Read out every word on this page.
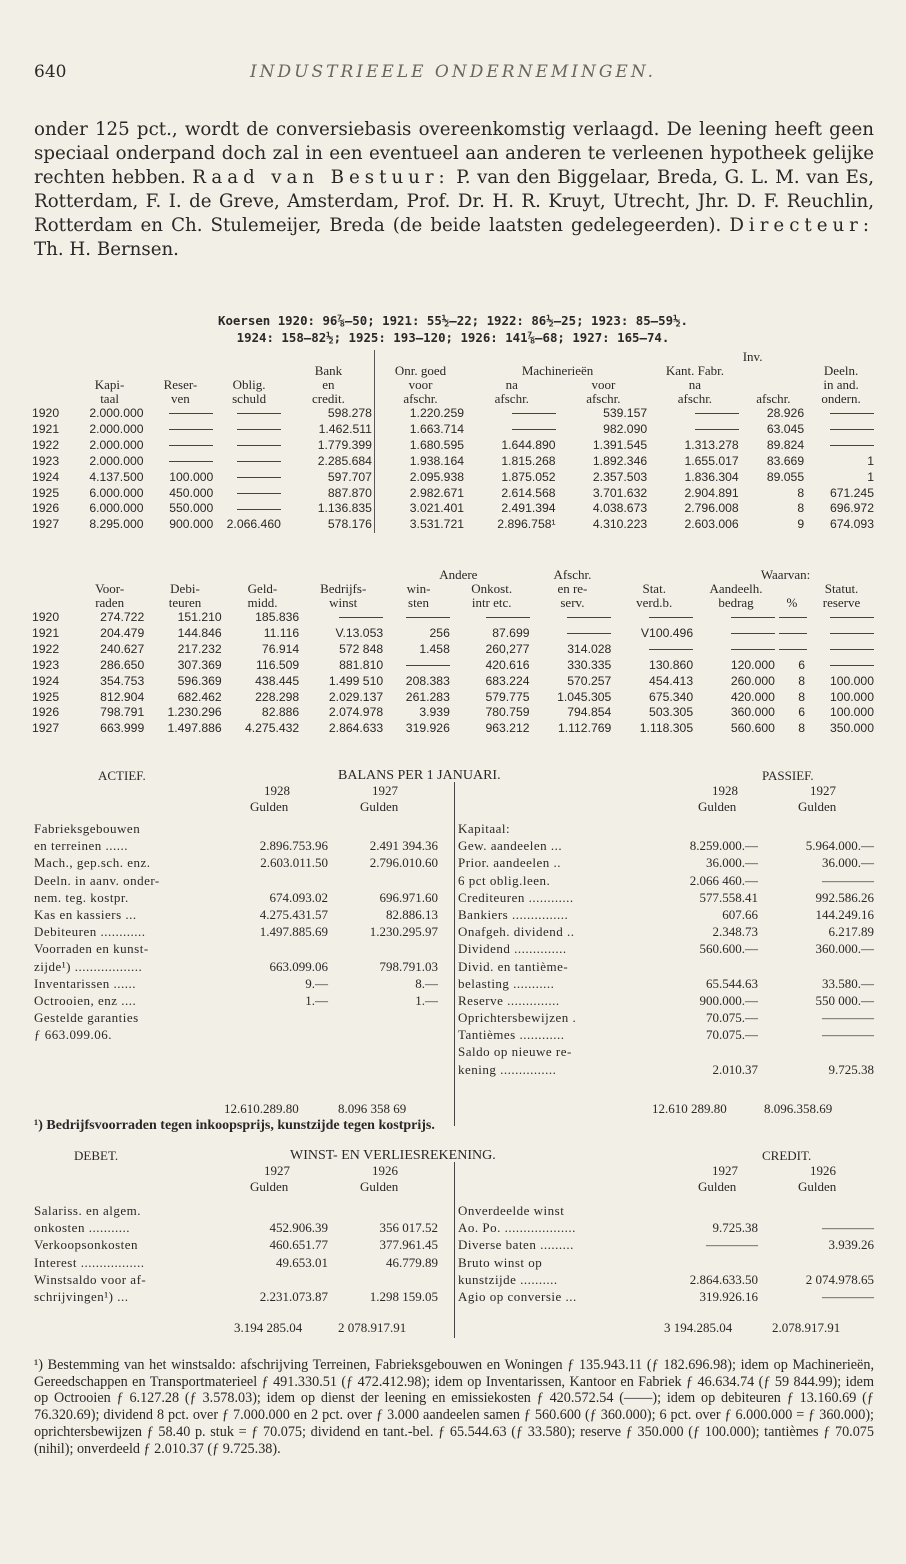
640	INDUSTRIEELE ONDERNEMINGEN.
onder 125 pct., wordt de conversiebasis overeenkomstig verlaagd. De leening heeft geen speciaal onderpand doch zal in een eventueel aan anderen te verleenen hypotheek gelijke rechten hebben. Raad van Bestuur: P. van den Biggelaar, Breda, G. L. M. van Es, Rotterdam, F. I. de Greve, Amsterdam, Prof. Dr. H. R. Kruyt, Utrecht, Jhr. D. F. Reuchlin, Rotterdam en Ch. Stulemeijer, Breda (de beide laatsten gedelegeerden). Directeur: Th. H. Bernsen.
Koersen 1920: 96⅞—50; 1921: 55½—22; 1922: 86½—25; 1923: 85—59½.
1924: 158—82½; 1925: 193—120; 1926: 141⅞—68; 1927: 165—74.
									Inv.	
				Bank	Onr. goed	Machinerieën		Kant. Fabr.		Deeln.
	Kapi-	Reser-	Oblig.	en	voor	na	voor	na		in and.
	taal	ven	schuld	credit.	afschr.	afschr.	afschr.	afschr.	afschr.	ondern.
1920	2.000.000			598.278	1.220.259		539.157		28.926	
1921	2.000.000			1.462.511	1.663.714		982.090		63.045	
1922	2.000.000			1.779.399	1.680.595	1.644.890	1.391.545	1.313.278	89.824	
1923	2.000.000			2.285.684	1.938.164	1.815.268	1.892.346	1.655.017	83.669	1
1924	4.137.500	100.000		597.707	2.095.938	1.875.052	2.357.503	1.836.304	89.055	1
1925	6.000.000	450.000		887.870	2.982.671	2.614.568	3.701.632	2.904.891	8	671.245
1926	6.000.000	550.000		1.136.835	3.021.401	2.491.394	4.038.673	2.796.008	8	696.972
1927	8.295.000	900.000	2.066.460	578.176	3.531.721	2.896.758¹	4.310.223	2.603.006	9	674.093
					Andere		Afschr.		Waarvan:		
	Voor-	Debi-	Geld-	Bedrijfs-	win-	Onkost.	en re-	Stat.	Aandeelh.		Statut.
	raden	teuren	midd.	winst	sten	intr etc.	serv.	verd.b.	bedrag	%	reserve
1920	274.722	151.210	185.836								
1921	204.479	144.846	11.116	V.13.053	256	87.699		V100.496			
1922	240.627	217.232	76.914	572 848	1.458	260,277	314.028				
1923	286.650	307.369	116.509	881.810		420.616	330.335	130.860	120.000	6	
1924	354.753	596.369	438.445	1.499 510	208.383	683.224	570.257	454.413	260.000	8	100.000
1925	812.904	682.462	228.298	2.029.137	261.283	579.775	1.045.305	675.340	420.000	8	100.000
1926	798.791	1.230.296	82.886	2.074.978	3.939	780.759	794.854	503.305	360.000	6	100.000
1927	663.999	1.497.886	4.275.432	2.864.633	319.926	963.212	1.112.769	1.118.305	560.600	8	350.000
ACTIEF.	BALANS PER 1 JANUARI.	PASSIEF.
1928	1927	1928	1927
Gulden	Gulden	Gulden	Gulden
Fabrieksgebouwen
en terreinen ......	2.896.753.96	2.491 394.36
Mach., gер.sch. enz.	2.603.011.50	2.796.010.60
Deeln. in aanv. onder-
nem. teg. kostpr.	674.093.02	696.971.60
Kas en kassiers ...	4.275.431.57	82.886.13
Debiteuren ............	1.497.885.69	1.230.295.97
Voorraden en kunst-
zijde¹) ..................	663.099.06	798.791.03
Inventarissen ......	9.—	8.—
Octrooien, enz ....	1.—	1.—
Gestelde garanties
ƒ 663.099.06.
Kapitaal:
Gew. aandeelen ...	8.259.000.—	5.964.000.—
Prior. aandeelen ..	36.000.—	36.000.—
6 pct oblig.leen.	2.066 460.—	————
Crediteuren ............	577.558.41	992.586.26
Bankiers ...............	607.66	144.249.16
Onafgeh. dividend ..	2.348.73	6.217.89
Dividend ..............	560.600.—	360.000.—
Divid. en tantième-
belasting ...........	65.544.63	33.580.—
Reserve ..............	900.000.—	550 000.—
Oprichtersbewijzen .	70.075.—	————
Tantièmes ............	70.075.—	————
Saldo op nieuwe re-
kening ...............	2.010.37	9.725.38
12.610.289.80	8.096 358 69	12.610 289.80	8.096.358.69
¹) Bedrijfsvoorraden tegen inkoopsprijs, kunstzijde tegen kostprijs.
DEBET.	WINST- EN VERLIESREKENING.	CREDIT.
1927	1926	1927	1926
Gulden	Gulden	Gulden	Gulden
Salariss. en algem.
onkosten ...........	452.906.39	356 017.52
Verkoopsonkosten	460.651.77	377.961.45
Interest .................	49.653.01	46.779.89
Winstsaldo voor af-
schrijvingen¹) ...	2.231.073.87	1.298 159.05
Onverdeelde winst
Ao. Po. ...................	9.725.38	————
Diverse baten .........	————	3.939.26
Bruto winst op
kunstzijde ..........	2.864.633.50	2 074.978.65
Agio op conversie ...	319.926.16	————
3.194 285.04	2 078.917.91	3 194.285.04	2.078.917.91
¹) Bestemming van het winstsaldo: afschrijving Terreinen, Fabrieksgebouwen en Woningen ƒ 135.943.11 (ƒ 182.696.98); idem op Machinerieën, Gereedschappen en Transportmaterieel ƒ 491.330.51 (ƒ 472.412.98); idem op Inventarissen, Kantoor en Fabriek ƒ 46.634.74 (ƒ 59 844.99); idem op Octrooien ƒ 6.127.28 (ƒ 3.578.03); idem op dienst der leening en emissiekosten ƒ 420.572.54 (——); idem op debiteuren ƒ 13.160.69 (ƒ 76.320.69); dividend 8 pct. over ƒ 7.000.000 en 2 pct. over ƒ 3.000 aandeelen samen ƒ 560.600 (ƒ 360.000); 6 pct. over ƒ 6.000.000 = ƒ 360.000); oprichtersbewijzen ƒ 58.40 p. stuk = ƒ 70.075; dividend en tant.-bel. ƒ 65.544.63 (ƒ 33.580); reserve ƒ 350.000 (ƒ 100.000); tantièmes ƒ 70.075 (nihil); onverdeeld ƒ 2.010.37 (ƒ 9.725.38).
